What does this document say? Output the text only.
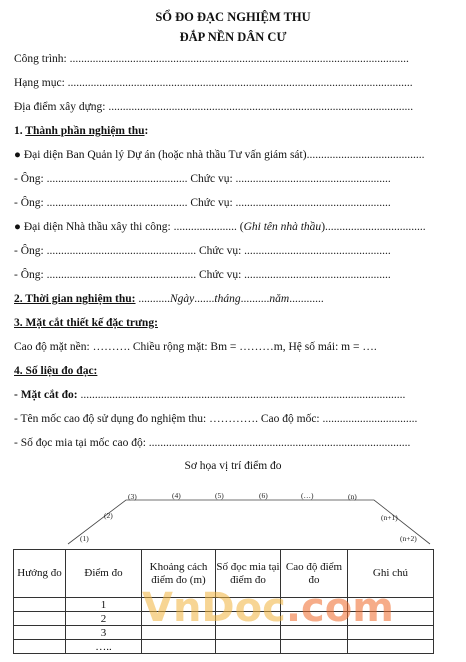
SỔ ĐO ĐẠC NGHIỆM THU
ĐẮP NỀN DÂN CƯ
Công trình: ......................................................................................................................
Hạng mục: ........................................................................................................................
Địa điểm xây dựng: ..........................................................................................................
1. Thành phần nghiệm thu:
● Đại diện Ban Quản lý Dự án (hoặc nhà thầu Tư vấn giám sát).........................................
- Ông: ................................................. Chức vụ: ......................................................
- Ông: ................................................. Chức vụ: ......................................................
● Đại diện Nhà thầu xây thi công: ...................... (Ghi tên nhà thầu)...................................
- Ông: .................................................... Chức vụ: ...................................................
- Ông: .................................................... Chức vụ: ...................................................
2. Thời gian nghiệm thu: ...........Ngày.......tháng..........năm............
3. Mặt cắt thiết kế đặc trưng:
Cao độ mặt nền: ………. Chiều rộng mặt: Bm = ………m, Hệ số mái: m = ….
4. Số liệu đo đạc:
- Mặt cắt đo: .................................................................................................................
- Tên mốc cao độ sử dụng đo nghiệm thu: …………. Cao độ mốc: .................................
- Số đọc mia tại mốc cao độ: ...........................................................................................
Sơ họa vị trí điểm đo
(1)
(2)
(3)	(4)	(5)	(6)	(…)	(n)
(n+1)
(n+2)
Hướng đo	Điểm đo	Khoảng cách điểm đo (m)	Số đọc mia tại điểm đo	Cao độ điểm đo	Ghi chú
	1				
	2				
	3				
	…..				
VnDoc.com
